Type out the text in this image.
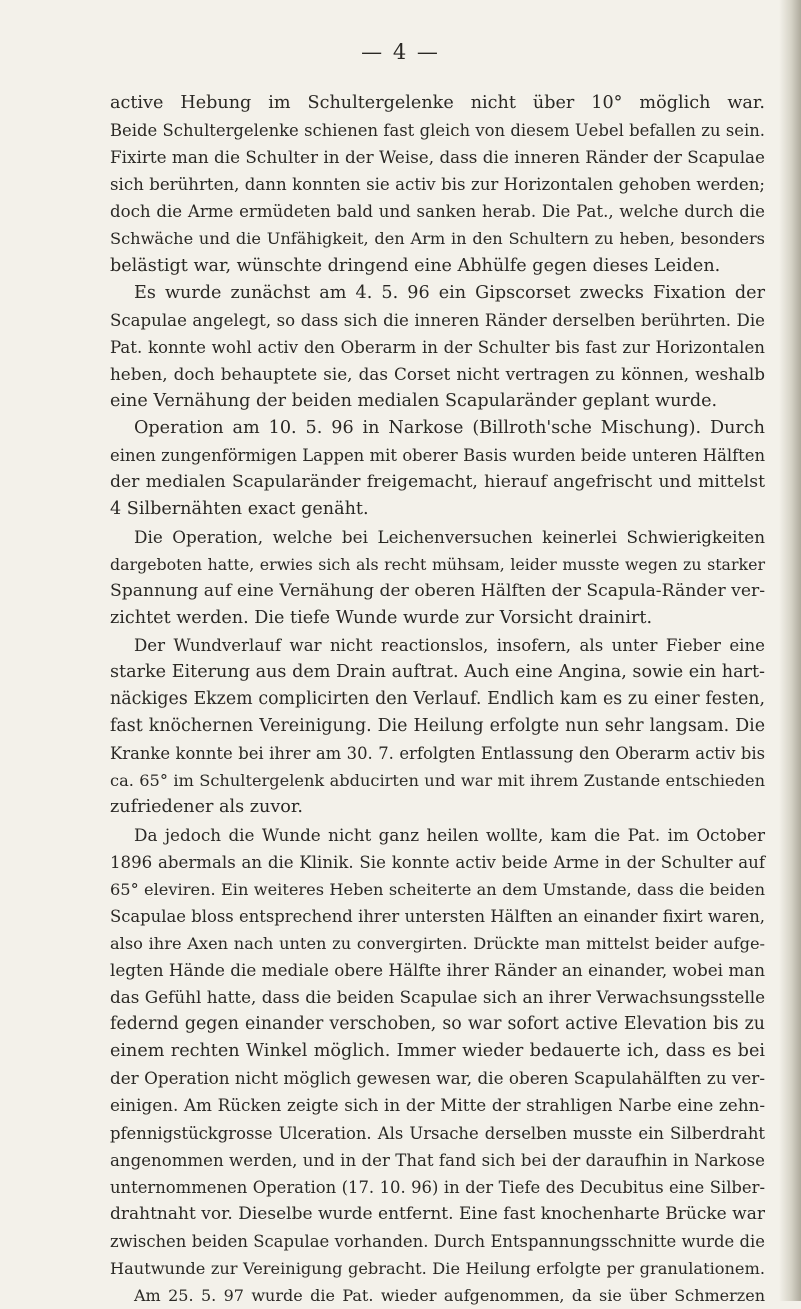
— 4 —
active Hebung im Schultergelenke nicht über 10° möglich war.
Beide Schultergelenke schienen fast gleich von diesem Uebel befallen zu sein.
Fixirte man die Schulter in der Weise, dass die inneren Ränder der Scapulae
sich berührten, dann konnten sie activ bis zur Horizontalen gehoben werden;
doch die Arme ermüdeten bald und sanken herab. Die Pat., welche durch die
Schwäche und die Unfähigkeit, den Arm in den Schultern zu heben, besonders
belästigt war, wünschte dringend eine Abhülfe gegen dieses Leiden.
Es wurde zunächst am 4. 5. 96 ein Gipscorset zwecks Fixation der
Scapulae angelegt, so dass sich die inneren Ränder derselben berührten. Die
Pat. konnte wohl activ den Oberarm in der Schulter bis fast zur Horizontalen
heben, doch behauptete sie, das Corset nicht vertragen zu können, weshalb
eine Vernähung der beiden medialen Scapularänder geplant wurde.
Operation am 10. 5. 96 in Narkose (Billroth'sche Mischung). Durch
einen zungenförmigen Lappen mit oberer Basis wurden beide unteren Hälften
der medialen Scapularänder freigemacht, hierauf angefrischt und mittelst
4 Silbernähten exact genäht.
Die Operation, welche bei Leichenversuchen keinerlei Schwierigkeiten
dargeboten hatte, erwies sich als recht mühsam, leider musste wegen zu starker
Spannung auf eine Vernähung der oberen Hälften der Scapula-Ränder ver-
zichtet werden. Die tiefe Wunde wurde zur Vorsicht drainirt.
Der Wundverlauf war nicht reactionslos, insofern, als unter Fieber eine
starke Eiterung aus dem Drain auftrat. Auch eine Angina, sowie ein hart-
näckiges Ekzem complicirten den Verlauf. Endlich kam es zu einer festen,
fast knöchernen Vereinigung. Die Heilung erfolgte nun sehr langsam. Die
Kranke konnte bei ihrer am 30. 7. erfolgten Entlassung den Oberarm activ bis
ca. 65° im Schultergelenk abducirten und war mit ihrem Zustande entschieden
zufriedener als zuvor.
Da jedoch die Wunde nicht ganz heilen wollte, kam die Pat. im October
1896 abermals an die Klinik. Sie konnte activ beide Arme in der Schulter auf
65° eleviren. Ein weiteres Heben scheiterte an dem Umstande, dass die beiden
Scapulae bloss entsprechend ihrer untersten Hälften an einander fixirt waren,
also ihre Axen nach unten zu convergirten. Drückte man mittelst beider aufge-
legten Hände die mediale obere Hälfte ihrer Ränder an einander, wobei man
das Gefühl hatte, dass die beiden Scapulae sich an ihrer Verwachsungsstelle
federnd gegen einander verschoben, so war sofort active Elevation bis zu
einem rechten Winkel möglich. Immer wieder bedauerte ich, dass es bei
der Operation nicht möglich gewesen war, die oberen Scapulahälften zu ver-
einigen. Am Rücken zeigte sich in der Mitte der strahligen Narbe eine zehn-
pfennigstückgrosse Ulceration. Als Ursache derselben musste ein Silberdraht
angenommen werden, und in der That fand sich bei der daraufhin in Narkose
unternommenen Operation (17. 10. 96) in der Tiefe des Decubitus eine Silber-
drahtnaht vor. Dieselbe wurde entfernt. Eine fast knochenharte Brücke war
zwischen beiden Scapulae vorhanden. Durch Entspannungsschnitte wurde die
Hautwunde zur Vereinigung gebracht. Die Heilung erfolgte per granulationem.
Am 25. 5. 97 wurde die Pat. wieder aufgenommen, da sie über Schmerzen
